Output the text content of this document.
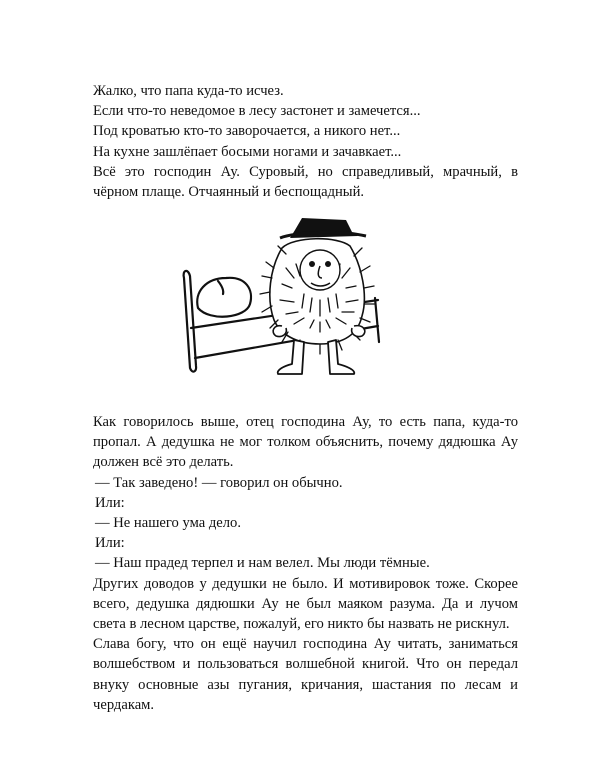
Жалко, что папа куда-то исчез.

Если что-то неведомое в лесу застонет и замечется...

Под кроватью кто-то заворочается, а никого нет...

На кухне зашлёпает босыми ногами и зачавкает...

Всё это господин Ау. Суровый, но справедливый, мрачный, в чёрном плаще. Отчаянный и беспощадный.

Как говорилось выше, отец господина Ау, то есть папа, куда-то пропал. А дедушка не мог толком объяснить, почему дядюшка Ау должен всё это делать.

— Так заведено! — говорил он обычно.

Или:

— Не нашего ума дело.

Или:

— Наш прадед терпел и нам велел. Мы люди тёмные.

Других доводов у дедушки не было. И мотивировок тоже. Скорее всего, дедушка дядюшки Ау не был маяком разума. Да и лучом света в лесном царстве, пожалуй, его никто бы назвать не рискнул.

Слава богу, что он ещё научил господина Ау читать, заниматься волшебством и пользоваться волшебной книгой. Что он передал внуку основные азы пугания, кричания, шастания по лесам и чердакам.
